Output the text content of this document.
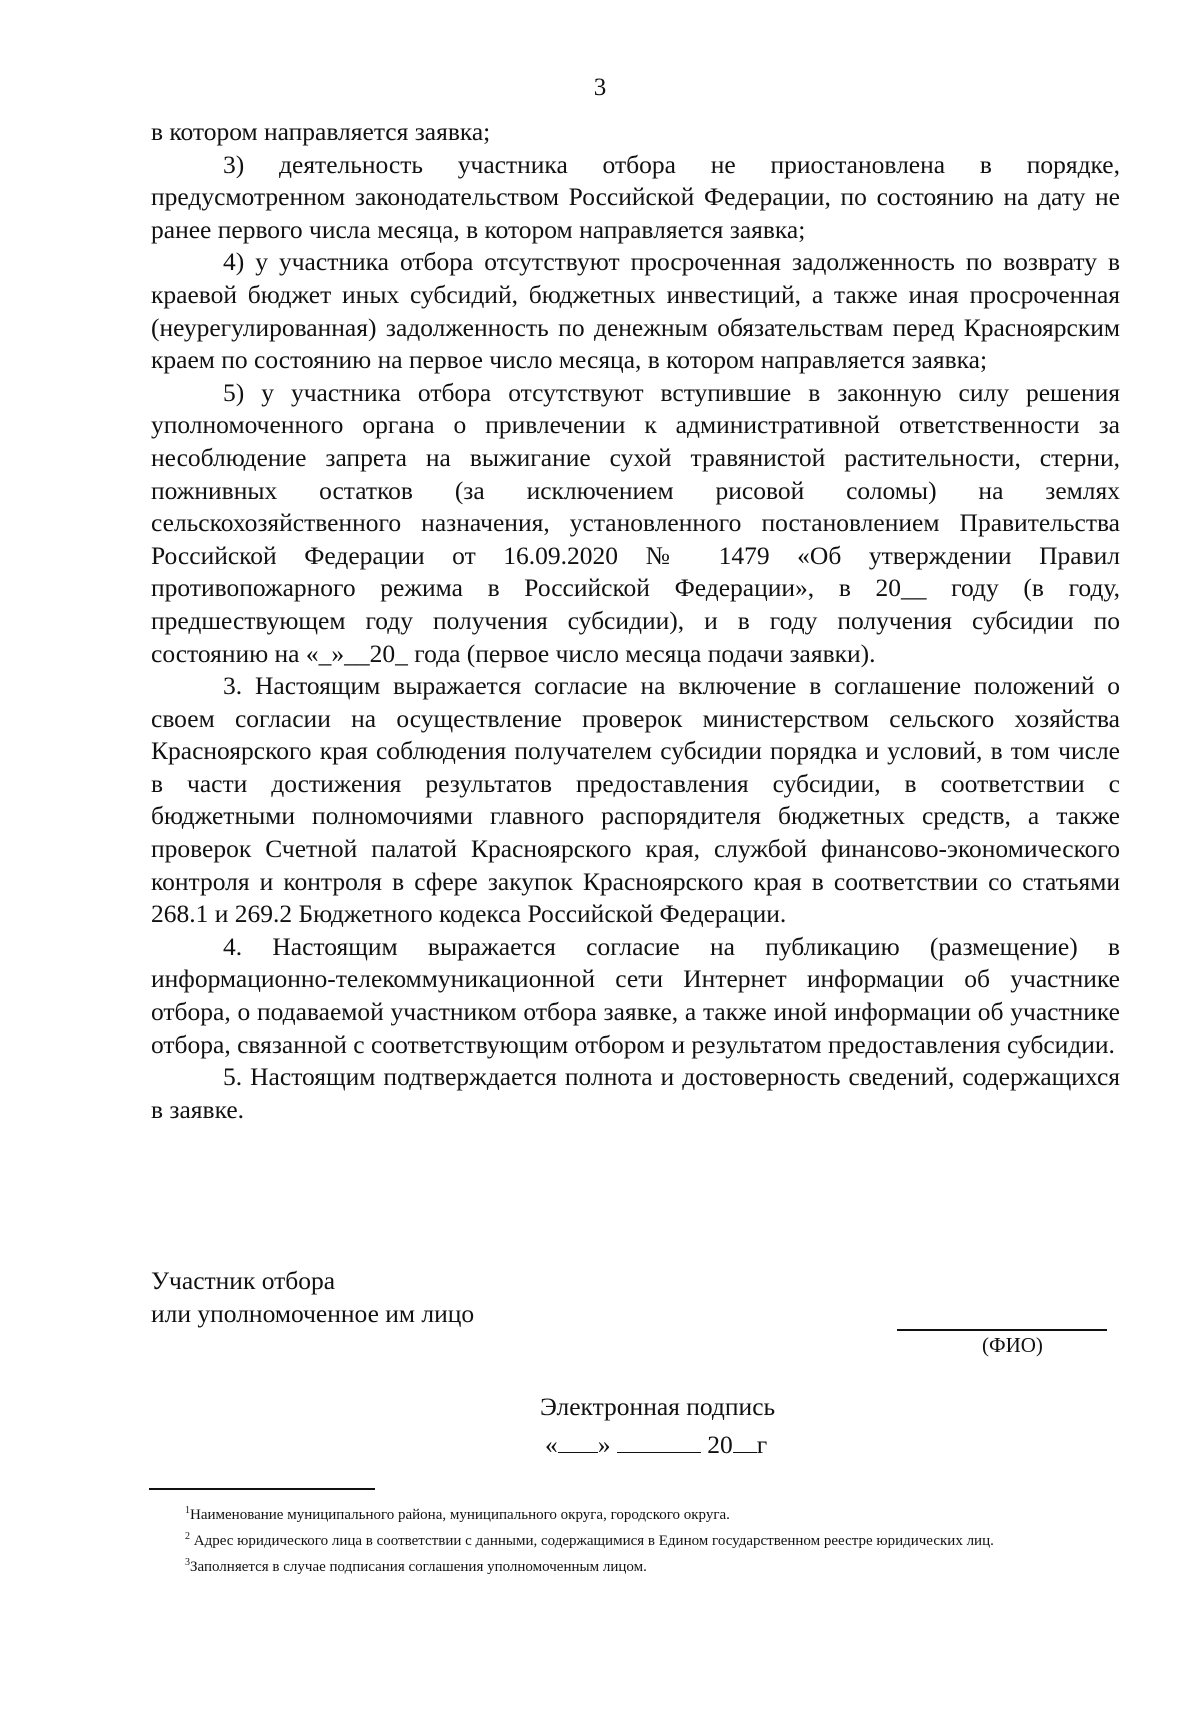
3

в котором направляется заявка;

3) деятельность участника отбора не приостановлена в порядке, предусмотренном законодательством Российской Федерации, по состоянию на дату не ранее первого числа месяца, в котором направляется заявка;

4) у участника отбора отсутствуют просроченная задолженность по возврату в краевой бюджет иных субсидий, бюджетных инвестиций, а также иная просроченная (неурегулированная) задолженность по денежным обязательствам перед Красноярским краем по состоянию на первое число месяца, в котором направляется заявка;

5) у участника отбора отсутствуют вступившие в законную силу решения уполномоченного органа о привлечении к административной ответственности за несоблюдение запрета на выжигание сухой травянистой растительности, стерни, пожнивных остатков (за исключением рисовой соломы) на землях сельскохозяйственного назначения, установленного постановлением Правительства Российской Федерации от 16.09.2020 № 1479 «Об утверждении Правил противопожарного режима в Российской Федерации», в 20__ году (в году, предшествующем году получения субсидии), и в году получения субсидии по состоянию на «_»__20_ года (первое число месяца подачи заявки).

3. Настоящим выражается согласие на включение в соглашение положений о своем согласии на осуществление проверок министерством сельского хозяйства Красноярского края соблюдения получателем субсидии порядка и условий, в том числе в части достижения результатов предоставления субсидии, в соответствии с бюджетными полномочиями главного распорядителя бюджетных средств, а также проверок Счетной палатой Красноярского края, службой финансово-экономического контроля и контроля в сфере закупок Красноярского края в соответствии со статьями 268.1 и 269.2 Бюджетного кодекса Российской Федерации.

4. Настоящим выражается согласие на публикацию (размещение) в информационно-телекоммуникационной сети Интернет информации об участнике отбора, о подаваемой участником отбора заявке, а также иной информации об участнике отбора, связанной с соответствующим отбором и результатом предоставления субсидии.

5. Настоящим подтверждается полнота и достоверность сведений, содержащихся в заявке.

Участник отбора
или уполномоченное им лицо
(ФИО)
Электронная подпись
« »	20 г

$^1$Наименование муниципального района, муниципального округа, городского округа.

$^2$ Адрес юридического лица в соответствии с данными, содержащимися в Едином государственном реестре юридических лиц.

$^3$Заполняется в случае подписания соглашения уполномоченным лицом.
